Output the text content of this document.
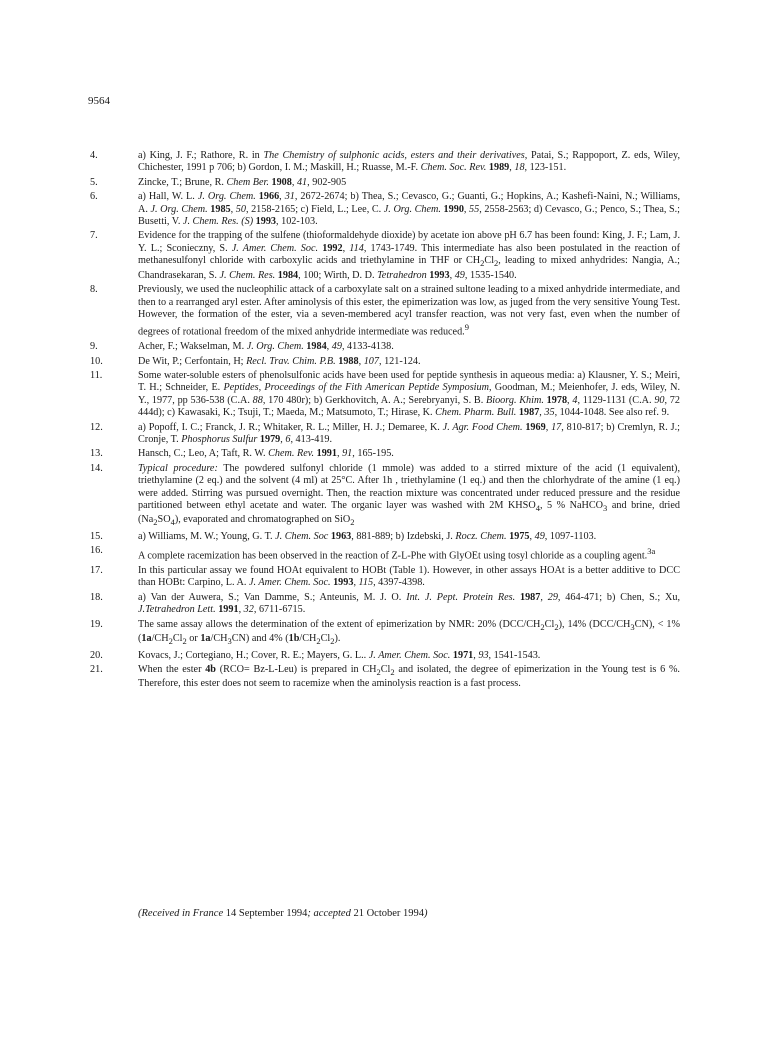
9564
4.	a) King, J. F.; Rathore, R. in The Chemistry of sulphonic acids, esters and their derivatives, Patai, S.; Rappoport, Z. eds, Wiley, Chichester, 1991 p 706; b) Gordon, I. M.; Maskill, H.; Ruasse, M.-F. Chem. Soc. Rev. 1989, 18, 123-151.
5.	Zincke, T.; Brune, R. Chem Ber. 1908, 41, 902-905
6.	a) Hall, W. L. J. Org. Chem. 1966, 31, 2672-2674; b) Thea, S.; Cevasco, G.; Guanti, G.; Hopkins, A.; Kashefi-Naini, N.; Williams, A. J. Org. Chem. 1985, 50, 2158-2165; c) Field, L.; Lee, C. J. Org. Chem. 1990, 55, 2558-2563; d) Cevasco, G.; Penco, S.; Thea, S.; Busetti, V. J. Chem. Res. (S) 1993, 102-103.
7.	Evidence for the trapping of the sulfene (thioformaldehyde dioxide) by acetate ion above pH 6.7 has been found: King, J. F.; Lam, J. Y. L.; Sconieczny, S. J. Amer. Chem. Soc. 1992, 114, 1743-1749. This intermediate has also been postulated in the reaction of methanesulfonyl chloride with carboxylic acids and triethylamine in THF or $CH_2Cl_2$, leading to mixed anhydrides: Nangia, A.; Chandrasekaran, S. J. Chem. Res. 1984, 100; Wirth, D. D. Tetrahedron 1993, 49, 1535-1540.
8.	Previously, we used the nucleophilic attack of a carboxylate salt on a strained sultone leading to a mixed anhydride intermediate, and then to a rearranged aryl ester. After aminolysis of this ester, the epimerization was low, as juged from the very sensitive Young Test. However, the formation of the ester, via a seven-membered acyl transfer reaction, was not very fast, even when the number of degrees of rotational freedom of the mixed anhydride intermediate was reduced.$^9$
9.	Acher, F.; Wakselman, M. J. Org. Chem. 1984, 49, 4133-4138.
10.	De Wit, P.; Cerfontain, H; Recl. Trav. Chim. P.B. 1988, 107, 121-124.
11.	Some water-soluble esters of phenolsulfonic acids have been used for peptide synthesis in aqueous media: a) Klausner, Y. S.; Meiri, T. H.; Schneider, E. Peptides, Proceedings of the Fith American Peptide Symposium, Goodman, M.; Meienhofer, J. eds, Wiley, N. Y., 1977, pp 536-538 (C.A. 88, 170 480r); b) Gerkhovitch, A. A.; Serebryanyi, S. B. Bioorg. Khim. 1978, 4, 1129-1131 (C.A. 90, 72 444d); c) Kawasaki, K.; Tsuji, T.; Maeda, M.; Matsumoto, T.; Hirase, K. Chem. Pharm. Bull. 1987, 35, 1044-1048. See also ref. 9.
12.	a) Popoff, I. C.; Franck, J. R.; Whitaker, R. L.; Miller, H. J.; Demaree, K. J. Agr. Food Chem. 1969, 17, 810-817; b) Cremlyn, R. J.; Cronje, T. Phosphorus Sulfur 1979, 6, 413-419.
13.	Hansch, C.; Leo, A; Taft, R. W. Chem. Rev. 1991, 91, 165-195.
14.	Typical procedure: The powdered sulfonyl chloride (1 mmole) was added to a stirred mixture of the acid (1 equivalent), triethylamine (2 eq.) and the solvent (4 ml) at 25°C. After 1h , triethylamine (1 eq.) and then the chlorhydrate of the amine (1 eq.) were added. Stirring was pursued overnight. Then, the reaction mixture was concentrated under reduced pressure and the residue partitioned between ethyl acetate and water. The organic layer was washed with 2M $KHSO_4$, 5 % NaHCO$_3$ and brine, dried $(Na_2SO_4)$, evaporated and chromatographed on SiO$_2$
15.	a) Williams, M. W.; Young, G. T. J. Chem. Soc 1963, 881-889; b) Izdebski, J. Rocz. Chem. 1975, 49, 1097-1103.
16.	A complete racemization has been observed in the reaction of Z-L-Phe with GlyOEt using tosyl chloride as a coupling agent.$^{3a}$
17.	In this particular assay we found HOAt equivalent to HOBt (Table 1). However, in other assays HOAt is a better additive to DCC than HOBt: Carpino, L. A. J. Amer. Chem. Soc. 1993, 115, 4397-4398.
18.	a) Van der Auwera, S.; Van Damme, S.; Anteunis, M. J. O. Int. J. Pept. Protein Res. 1987, 29, 464-471; b) Chen, S.; Xu, J.Tetrahedron Lett. 1991, 32, 6711-6715.
19.	The same assay allows the determination of the extent of epimerization by NMR: 20% $(DCC/CH_2Cl_2)$, 14% $(DCC/CH_3CN)$, < 1% ($1a/CH_2Cl_2$ or $1a/CH_3CN$) and 4% $(1b/CH_2Cl_2)$.
20.	Kovacs, J.; Cortegiano, H.; Cover, R. E.; Mayers, G. L.. J. Amer. Chem. Soc. 1971, 93, 1541-1543.
21.	When the ester 4b (RCO= Bz-L-Leu) is prepared in $CH_2Cl_2$ and isolated, the degree of epimerization in the Young test is 6 %. Therefore, this ester does not seem to racemize when the aminolysis reaction is a fast process.
(Received in France 14 September 1994; accepted 21 October 1994)
